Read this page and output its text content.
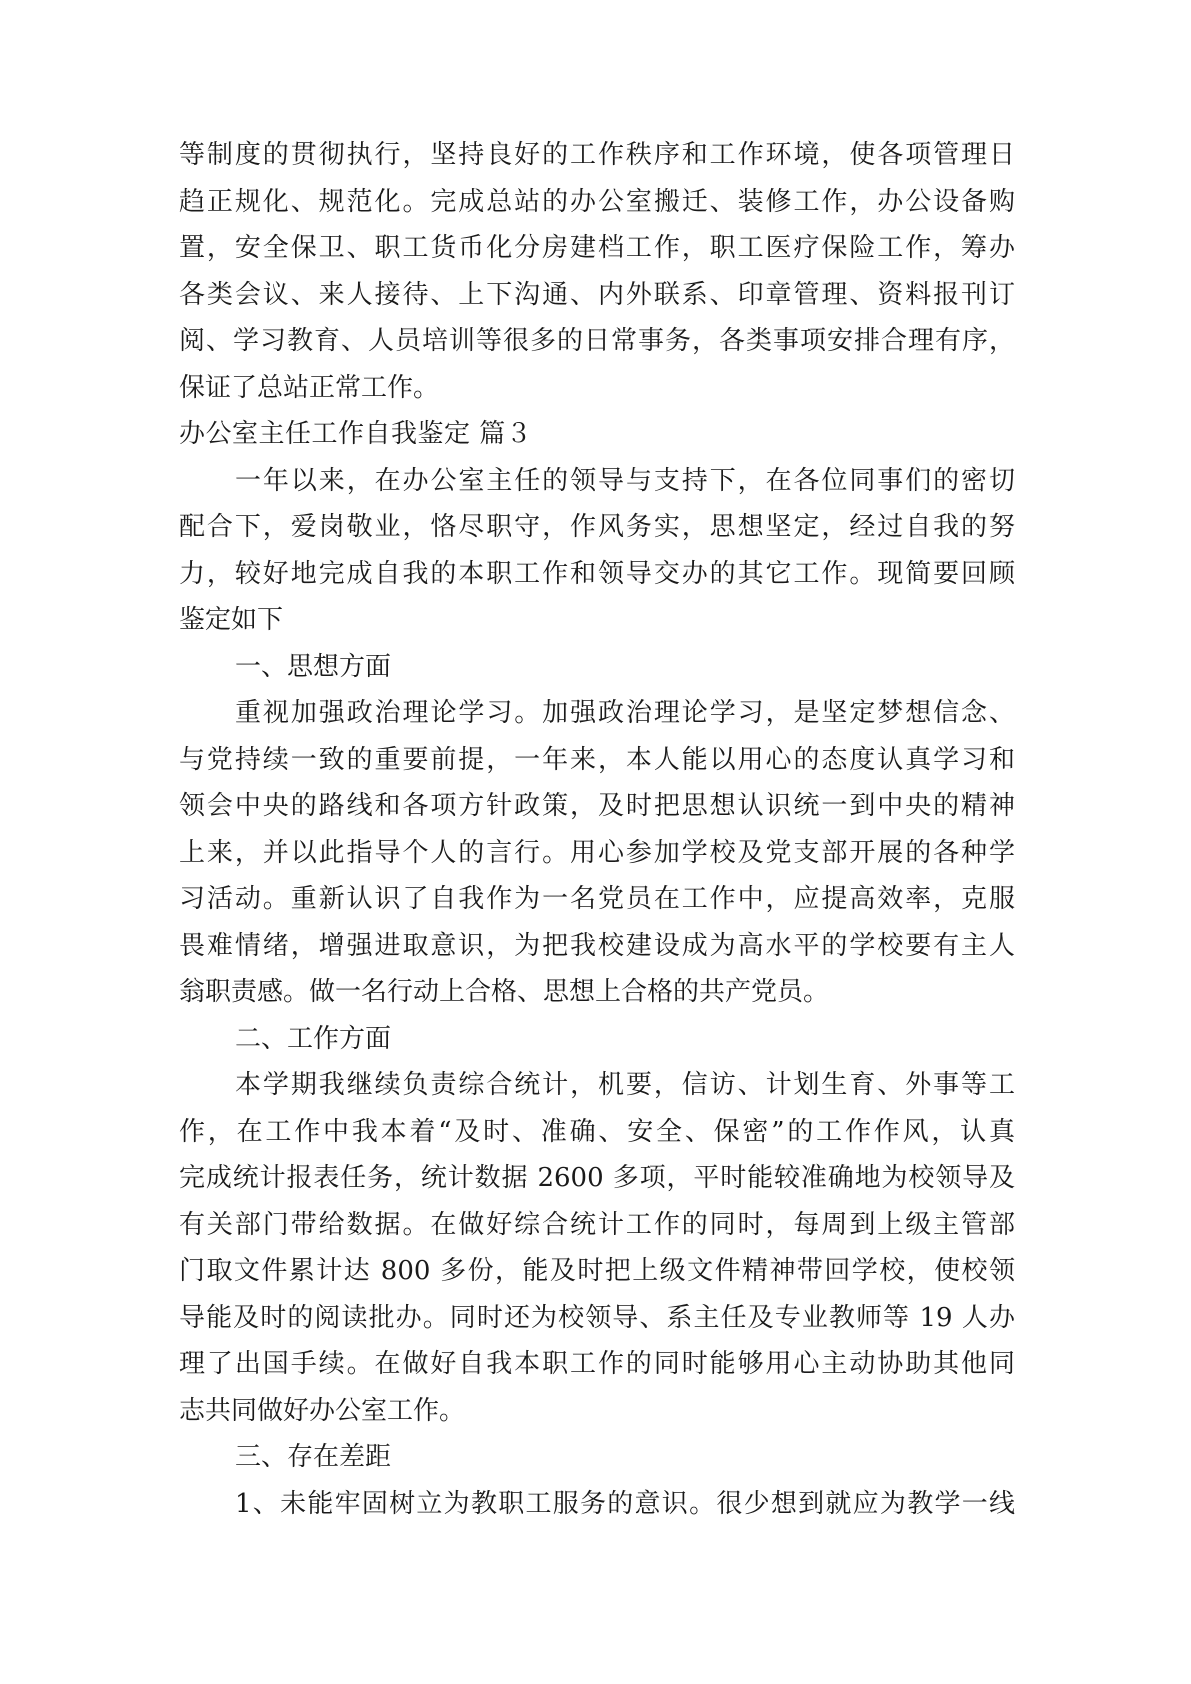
等制度的贯彻执行，坚持良好的工作秩序和工作环境，使各项管理日
趋正规化、规范化。完成总站的办公室搬迁、装修工作，办公设备购
置，安全保卫、职工货币化分房建档工作，职工医疗保险工作，筹办
各类会议、来人接待、上下沟通、内外联系、印章管理、资料报刊订
阅、学习教育、人员培训等很多的日常事务，各类事项安排合理有序，
保证了总站正常工作。
办公室主任工作自我鉴定 篇３
一年以来，在办公室主任的领导与支持下，在各位同事们的密切
配合下，爱岗敬业，恪尽职守，作风务实，思想坚定，经过自我的努
力，较好地完成自我的本职工作和领导交办的其它工作。现简要回顾
鉴定如下
一、思想方面
重视加强政治理论学习。加强政治理论学习，是坚定梦想信念、
与党持续一致的重要前提，一年来，本人能以用心的态度认真学习和
领会中央的路线和各项方针政策，及时把思想认识统一到中央的精神
上来，并以此指导个人的言行。用心参加学校及党支部开展的各种学
习活动。重新认识了自我作为一名党员在工作中，应提高效率，克服
畏难情绪，增强进取意识，为把我校建设成为高水平的学校要有主人
翁职责感。做一名行动上合格、思想上合格的共产党员。
二、工作方面
本学期我继续负责综合统计，机要，信访、计划生育、外事等工
作，在工作中我本着“及时、准确、安全、保密”的工作作风，认真
完成统计报表任务，统计数据 2600 多项，平时能较准确地为校领导及
有关部门带给数据。在做好综合统计工作的同时，每周到上级主管部
门取文件累计达 800 多份，能及时把上级文件精神带回学校，使校领
导能及时的阅读批办。同时还为校领导、系主任及专业教师等 19 人办
理了出国手续。在做好自我本职工作的同时能够用心主动协助其他同
志共同做好办公室工作。
三、存在差距
1、未能牢固树立为教职工服务的意识。很少想到就应为教学一线
